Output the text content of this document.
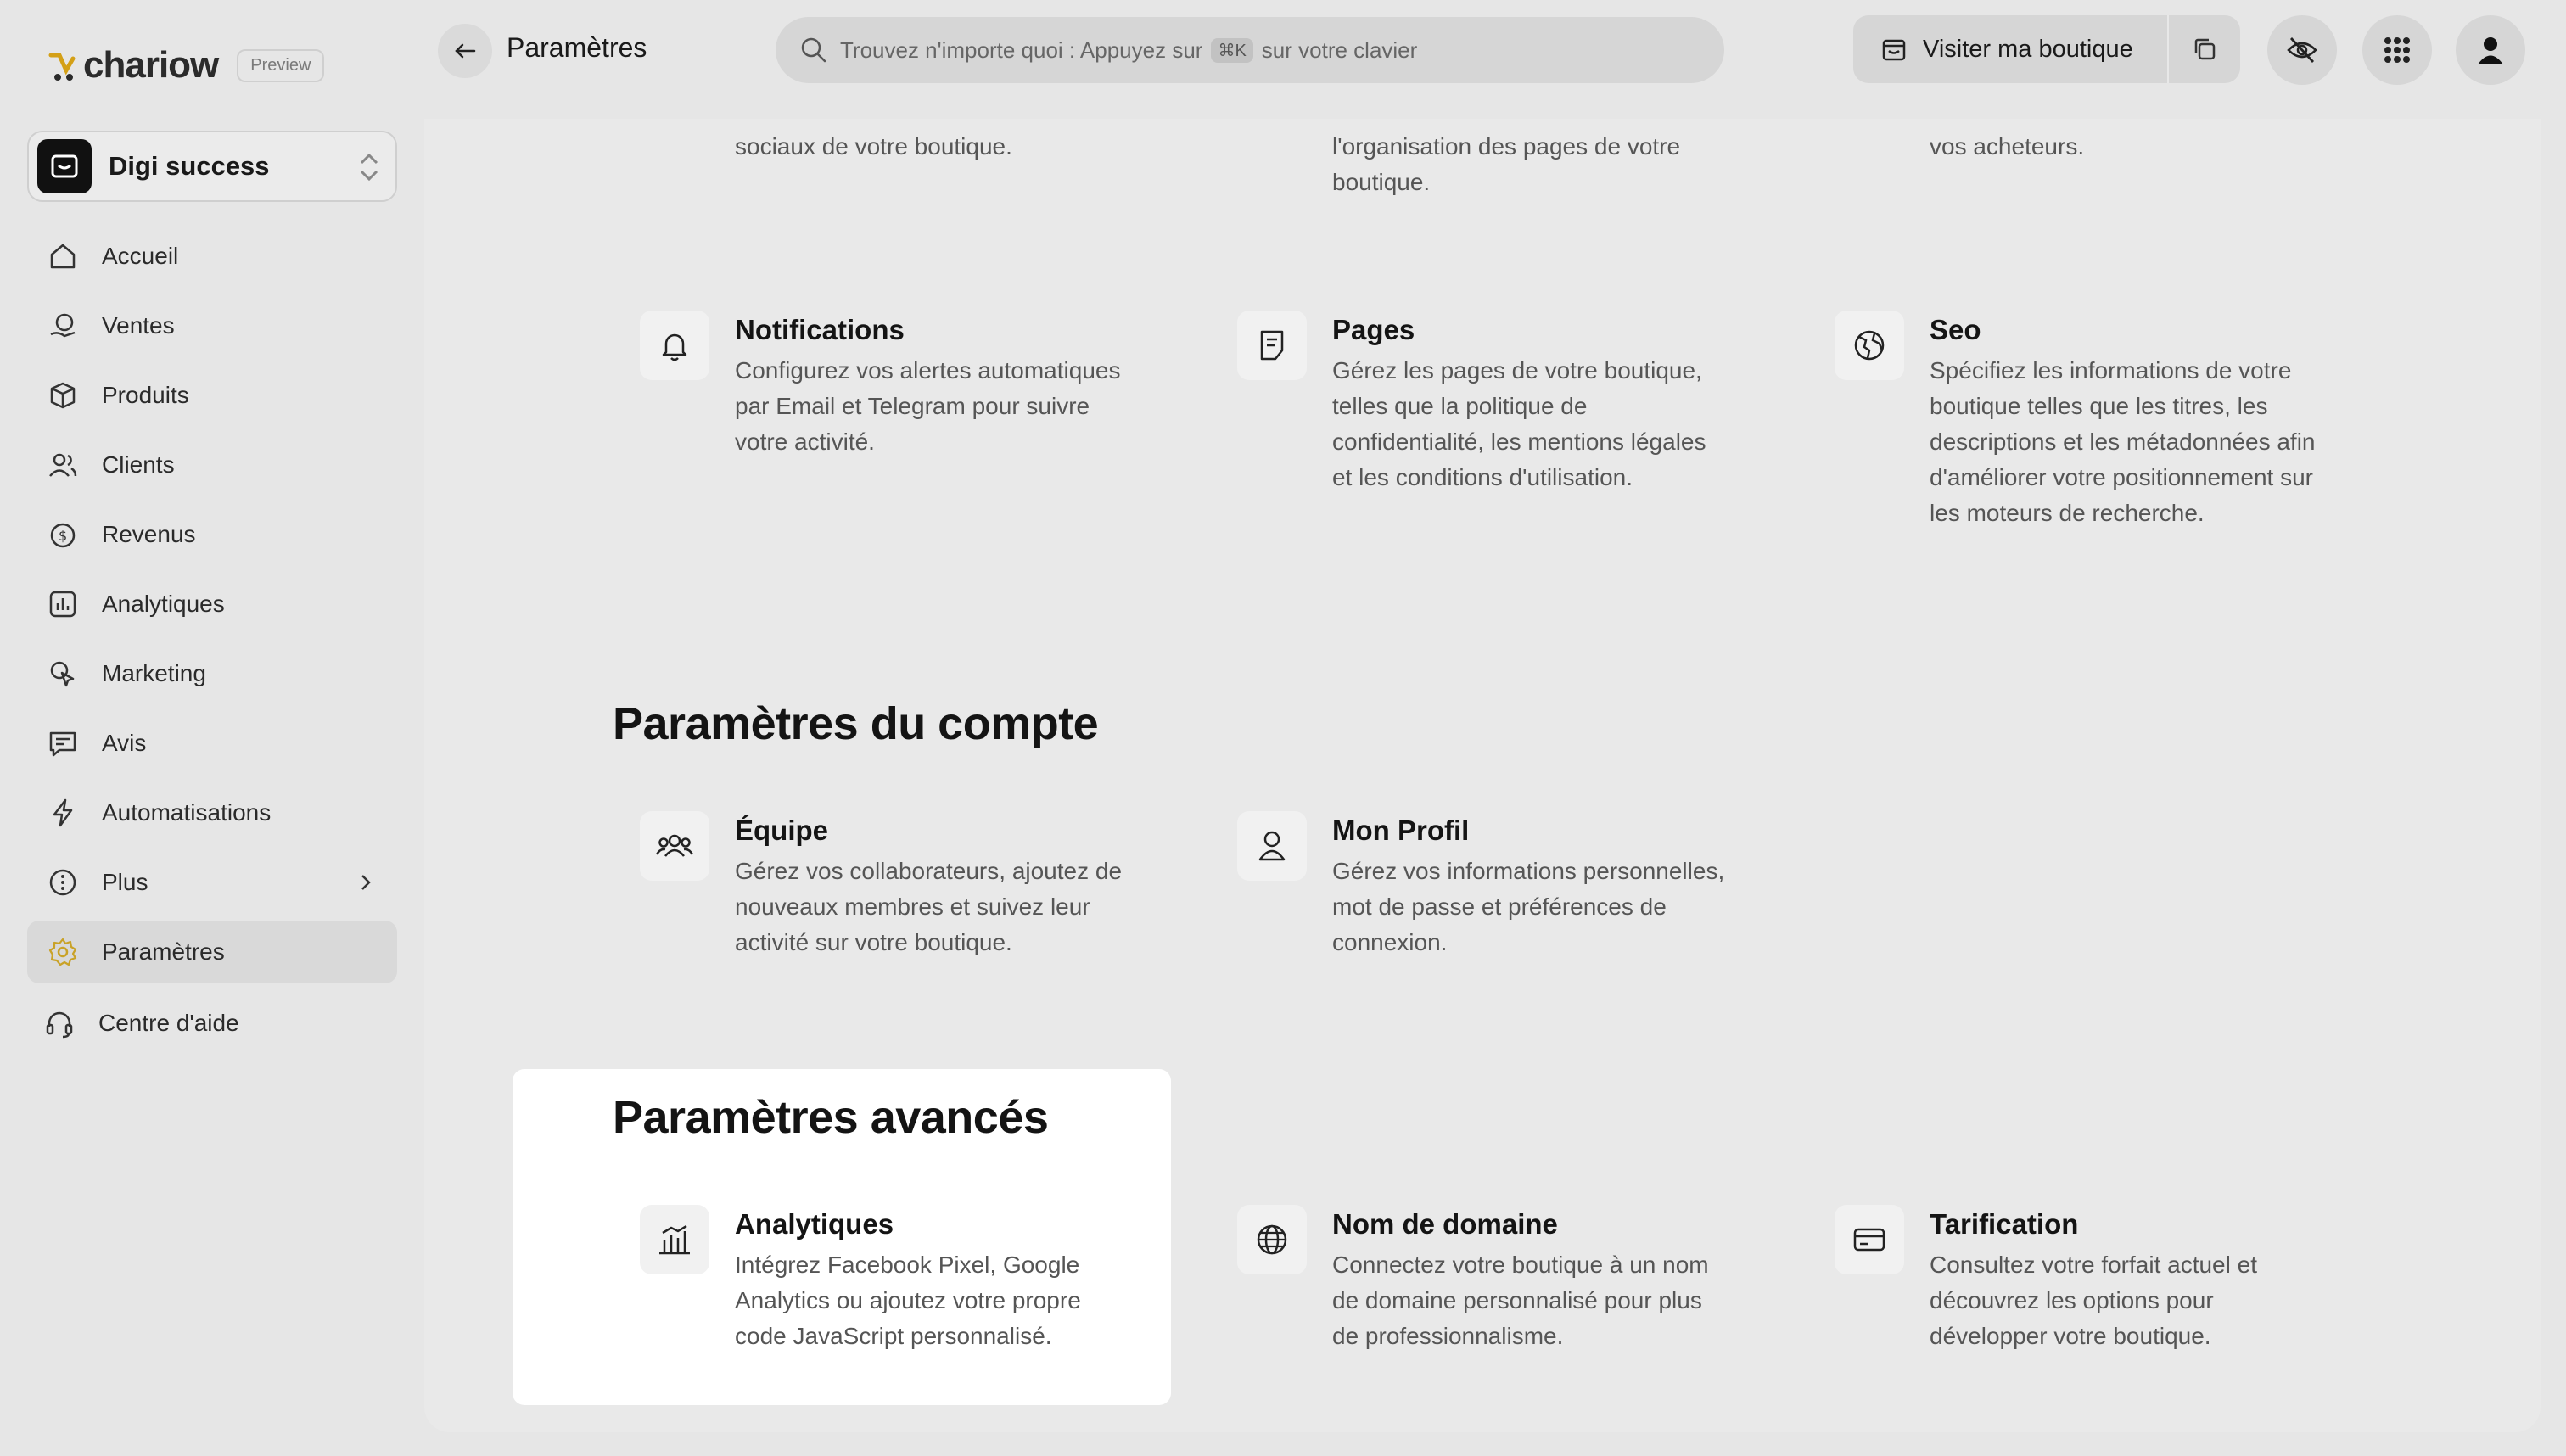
chariow	Preview
Digi success
Accueil
Ventes
Produits
Clients
$ Revenus
Analytiques
Marketing
Avis
Automatisations
Plus
Paramètres
Centre d'aide
Paramètres	Trouvez n'importe quoi : Appuyez sur ⌘K sur votre clavier	Visiter ma boutique
sociaux de votre boutique.	l'organisation des pages de votre
boutique.
vos acheteurs.
Notifications
Configurez vos alertes automatiques par Email et Telegram pour suivre votre activité.
Pages
Gérez les pages de votre boutique, telles que la politique de confidentialité, les mentions légales et les conditions d'utilisation.
Seo
Spécifiez les informations de votre boutique telles que les titres, les descriptions et les métadonnées afin d'améliorer votre positionnement sur les moteurs de recherche.
Paramètres du compte
Équipe
Gérez vos collaborateurs, ajoutez de nouveaux membres et suivez leur activité sur votre boutique.
Mon Profil
Gérez vos informations personnelles, mot de passe et préférences de connexion.
Paramètres avancés
Analytiques
Intégrez Facebook Pixel, Google Analytics ou ajoutez votre propre code JavaScript personnalisé.
Nom de domaine
Connectez votre boutique à un nom de domaine personnalisé pour plus de professionnalisme.
Tarification
Consultez votre forfait actuel et découvrez les options pour développer votre boutique.
